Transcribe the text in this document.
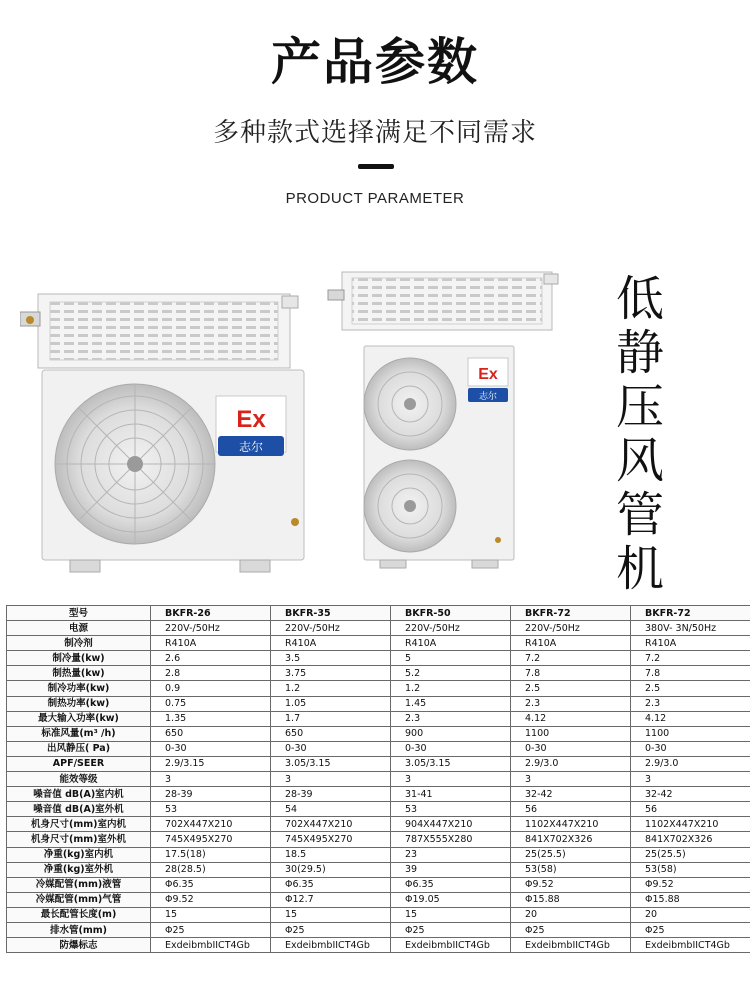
产品参数
多种款式选择满足不同需求
PRODUCT PARAMETER
Ex
志尔
Ex
志尔
低
静
压
风
管
机
型号	BKFR-26	BKFR-35	BKFR-50	BKFR-72	BKFR-72
电源	220V-/50Hz	220V-/50Hz	220V-/50Hz	220V-/50Hz	380V- 3N/50Hz
制冷剂	R410A	R410A	R410A	R410A	R410A
制冷量(kw)	2.6	3.5	5	7.2	7.2
制热量(kw)	2.8	3.75	5.2	7.8	7.8
制冷功率(kw)	0.9	1.2	1.2	2.5	2.5
制热功率(kw)	0.75	1.05	1.45	2.3	2.3
最大输入功率(kw)	1.35	1.7	2.3	4.12	4.12
标准风量(m³ /h)	650	650	900	1100	1100
出风静压( Pa)	0-30	0-30	0-30	0-30	0-30
APF/SEER	2.9/3.15	3.05/3.15	3.05/3.15	2.9/3.0	2.9/3.0
能效等级	3	3	3	3	3
噪音值 dB(A)室内机	28-39	28-39	31-41	32-42	32-42
噪音值 dB(A)室外机	53	54	53	56	56
机身尺寸(mm)室内机	702X447X210	702X447X210	904X447X210	1102X447X210	1102X447X210
机身尺寸(mm)室外机	745X495X270	745X495X270	787X555X280	841X702X326	841X702X326
净重(kg)室内机	17.5(18)	18.5	23	25(25.5)	25(25.5)
净重(kg)室外机	28(28.5)	30(29.5)	39	53(58)	53(58)
冷媒配管(mm)液管	Φ6.35	Φ6.35	Φ6.35	Φ9.52	Φ9.52
冷媒配管(mm)气管	Φ9.52	Φ12.7	Φ19.05	Φ15.88	Φ15.88
最长配管长度(m)	15	15	15	20	20
排水管(mm)	Φ25	Φ25	Φ25	Φ25	Φ25
防爆标志	ExdeibmbIICT4Gb	ExdeibmbIICT4Gb	ExdeibmbIICT4Gb	ExdeibmbIICT4Gb	ExdeibmbIICT4Gb
